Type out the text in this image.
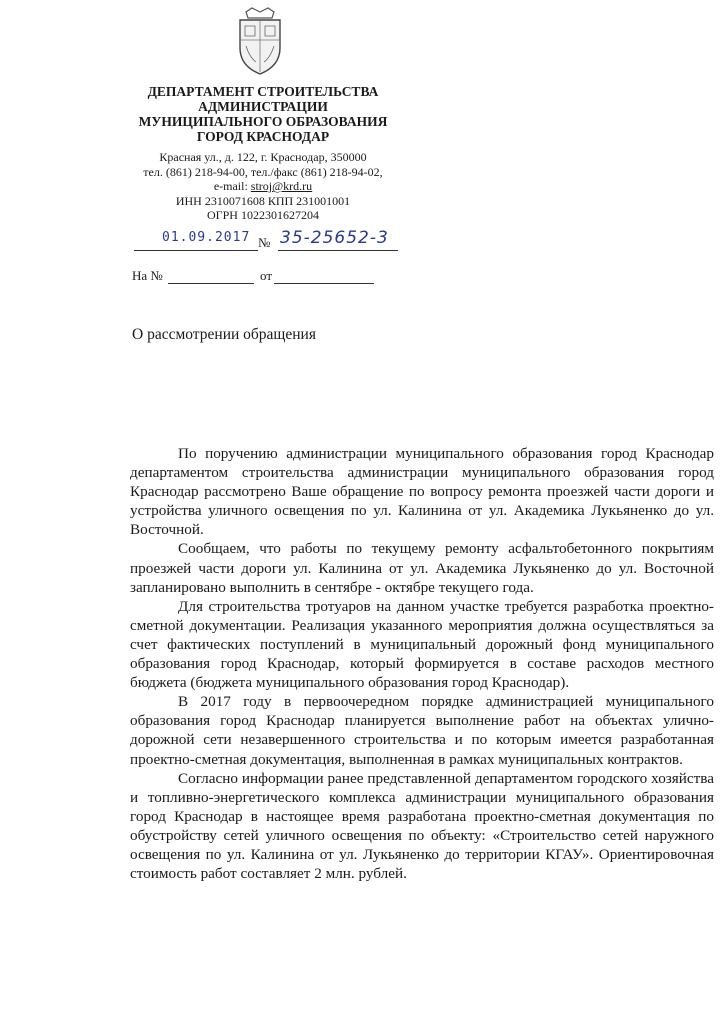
ДЕПАРТАМЕНТ СТРОИТЕЛЬСТВА
АДМИНИСТРАЦИИ
МУНИЦИПАЛЬНОГО ОБРАЗОВАНИЯ
ГОРОД КРАСНОДАР
Красная ул., д. 122, г. Краснодар, 350000
тел. (861) 218-94-00, тел./факс (861) 218-94-02,
e-mail: stroj@krd.ru
ИНН 2310071608 КПП 231001001
ОГРН 1022301627204
01.09.2017 № 35-25652-3
На №	от
О рассмотрении обращения

По поручению администрации муниципального образования город Краснодар департаментом строительства администрации муниципального образования город Краснодар рассмотрено Ваше обращение по вопросу ремонта проезжей части дороги и устройства уличного освещения по ул. Калинина от ул. Академика Лукьяненко до ул. Восточной.

Сообщаем, что работы по текущему ремонту асфальтобетонного покрытиям проезжей части дороги ул. Калинина от ул. Академика Лукьяненко до ул. Восточной запланировано выполнить в сентябре - октябре текущего года.

Для строительства тротуаров на данном участке требуется разработка проектно-сметной документации. Реализация указанного мероприятия должна осуществляться за счет фактических поступлений в муниципальный дорожный фонд муниципального образования город Краснодар, который формируется в составе расходов местного бюджета (бюджета муниципального образования город Краснодар).

В 2017 году в первоочередном порядке администрацией муниципального образования город Краснодар планируется выполнение работ на объектах улично-дорожной сети незавершенного строительства и по которым имеется разработанная проектно-сметная документация, выполненная в рамках муниципальных контрактов.

Согласно информации ранее представленной департаментом городского хозяйства и топливно-энергетического комплекса администрации муниципального образования город Краснодар в настоящее время разработана проектно-сметная документация по обустройству сетей уличного освещения по объекту: «Строительство сетей наружного освещения по ул. Калинина от ул. Лукьяненко до территории КГАУ». Ориентировочная стоимость работ составляет 2 млн. рублей.
